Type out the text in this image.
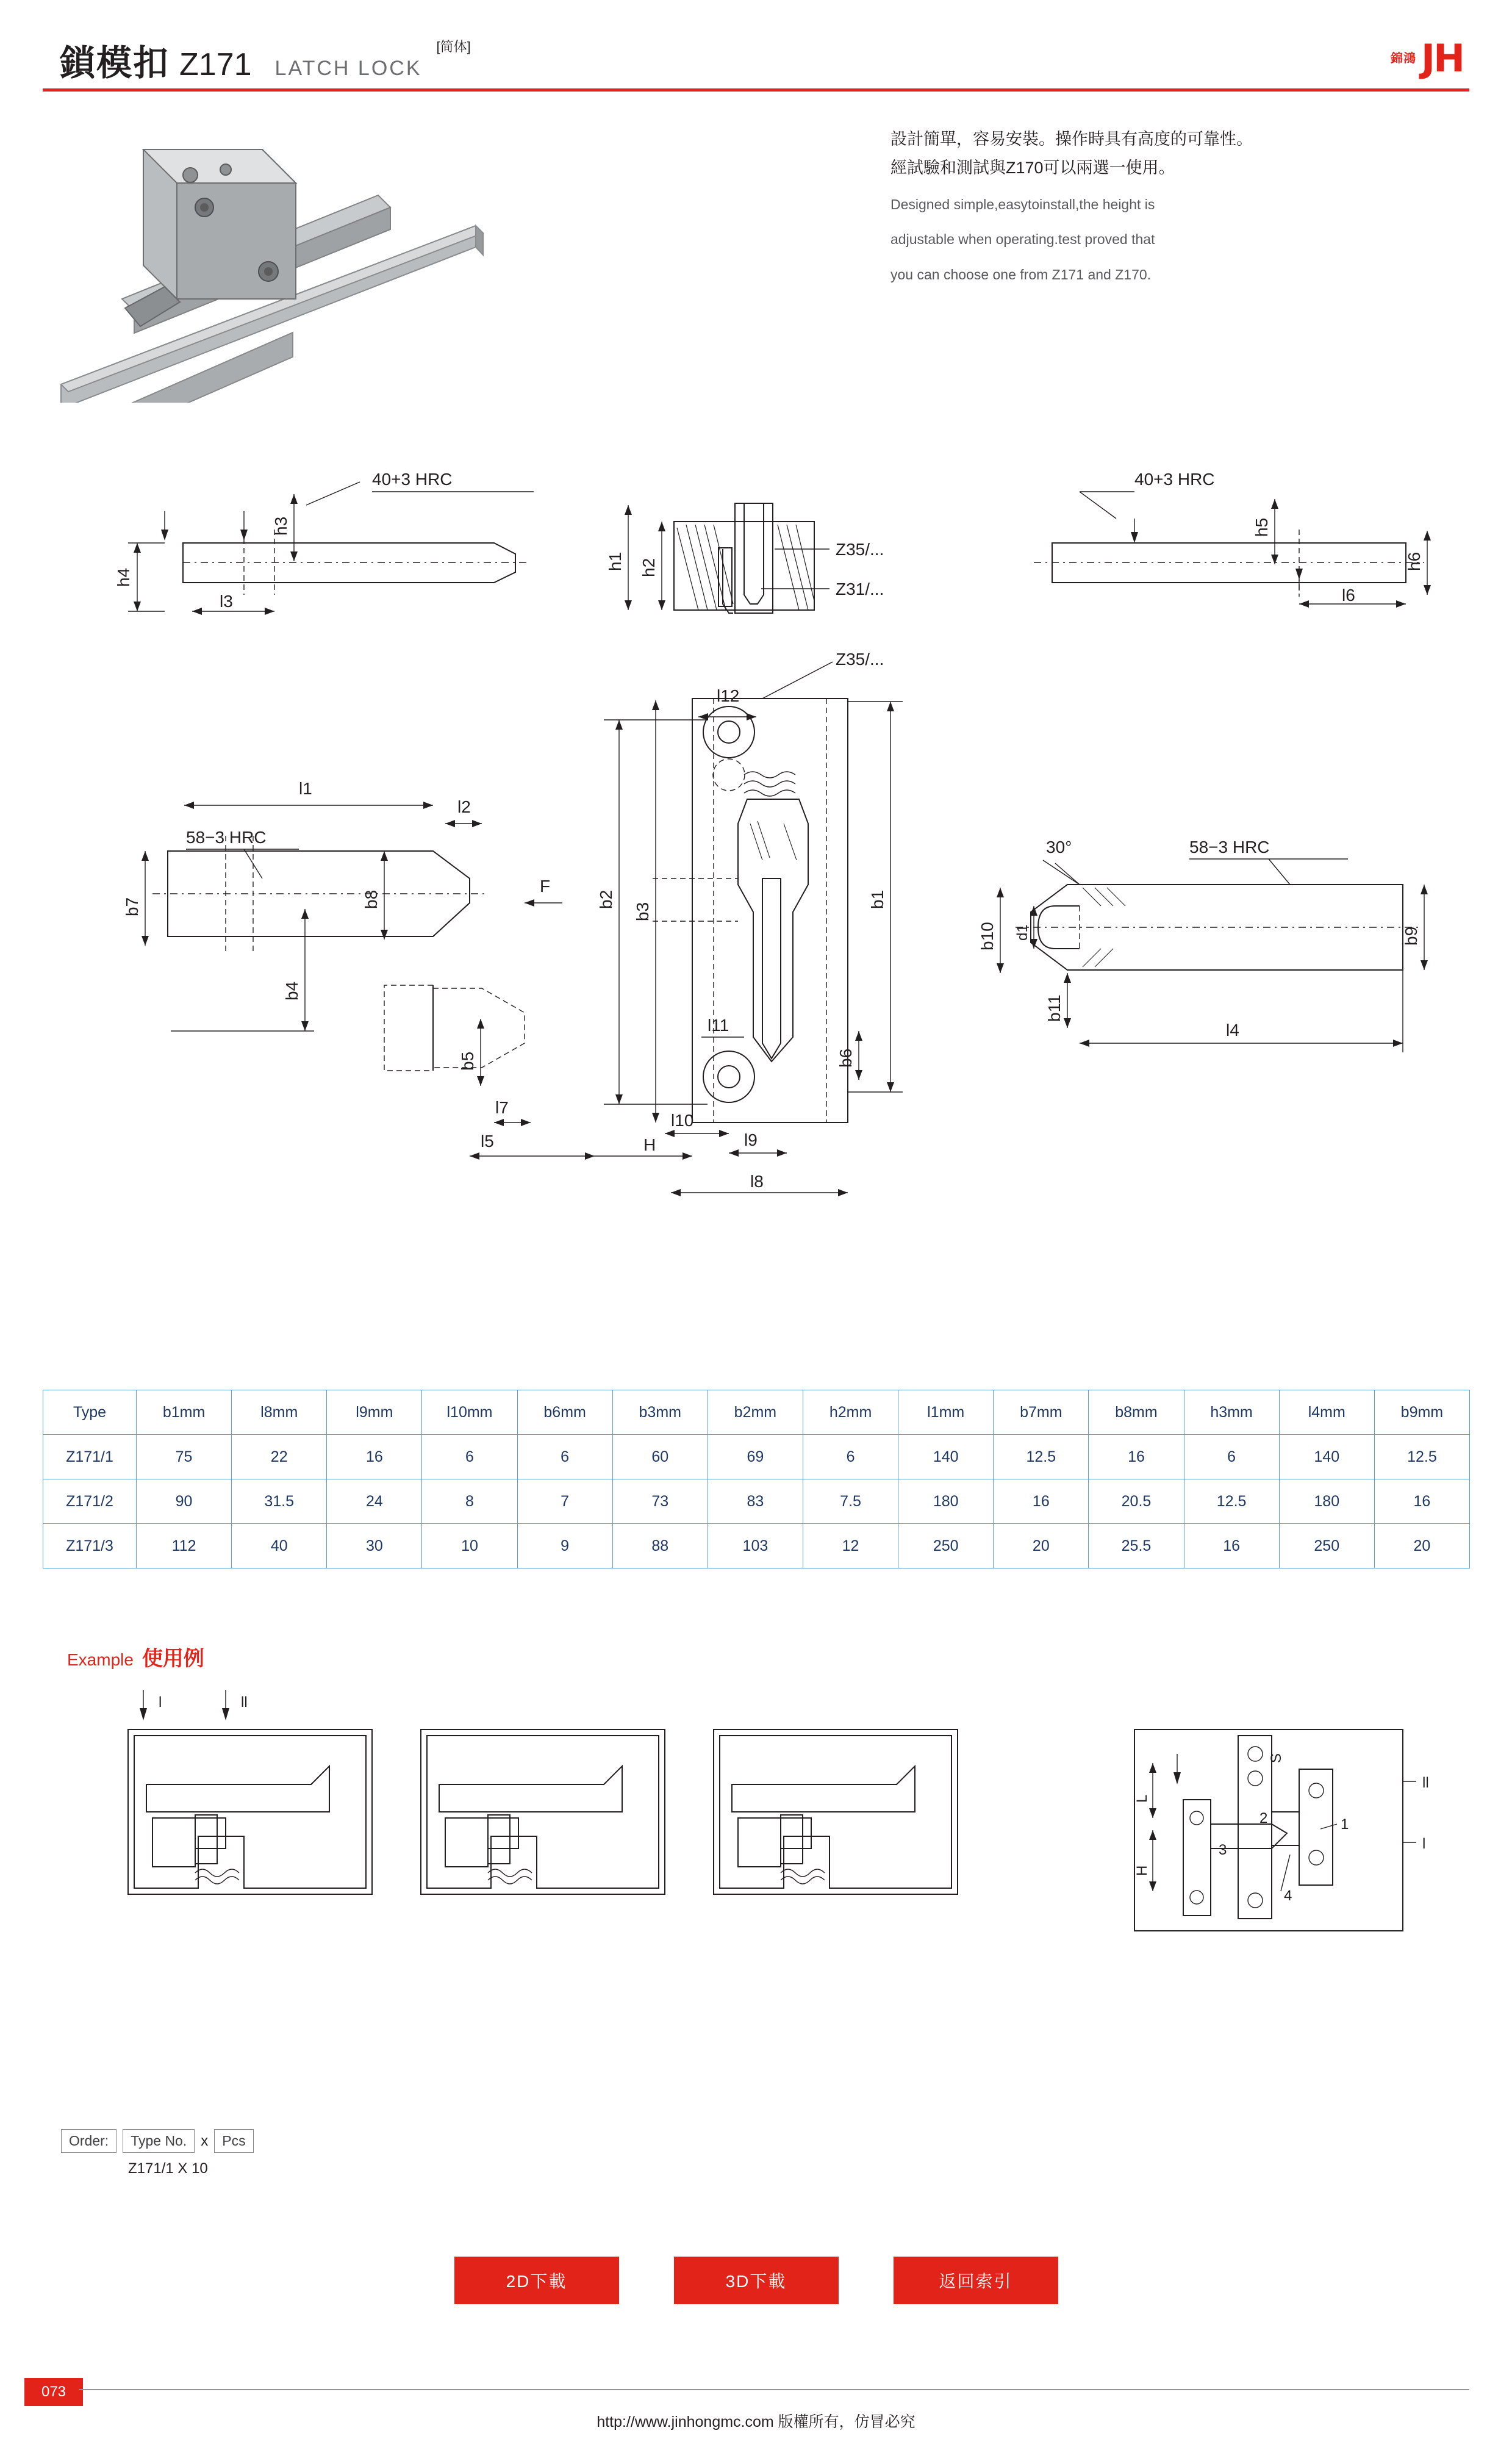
鎖模扣 Z171	LATCH LOCK
[简体]
錦鴻 JH
設計簡單，容易安裝。操作時具有高度的可靠性。
經試驗和測試與Z170可以兩選一使用。
Designed simple,easytoinstall,the height is
adjustable when operating.test proved that
you can choose one from Z171 and Z170.
h3
40+3 HRC
h4
l3
h1 h2
Z35/...
Z31/...
40+3 HRC
h5
h6
l6
Z35/...
l12
l1
l2
58−3 HRC
b7	b8
b4
b5
F
l7
l5
b2
b3
b1
b6
l11
l10
l9
H
l8
30°	58−3 HRC
b9
b10 d1
b11
l4
Type	b1mm	l8mm	l9mm	l10mm	b6mm	b3mm	b2mm	h2mm	l1mm	b7mm	b8mm	h3mm	l4mm	b9mm
Z171/1	75	22	16	6	6	60	69	6	140	12.5	16	6	140	12.5
Z171/2	90	31.5	24	8	7	73	83	7.5	180	16	20.5	12.5	180	16
Z171/3	112	40	30	10	9	88	103	12	250	20	25.5	16	250	20
Example 使用例
l	ll
1
2
3
4
ll
l
L
H
S
Order:	Type No. x	Pcs
Z171/1 X 10
2D下載	3D下載	返回索引
073
http://www.jinhongmc.com 版權所有，仿冒必究
